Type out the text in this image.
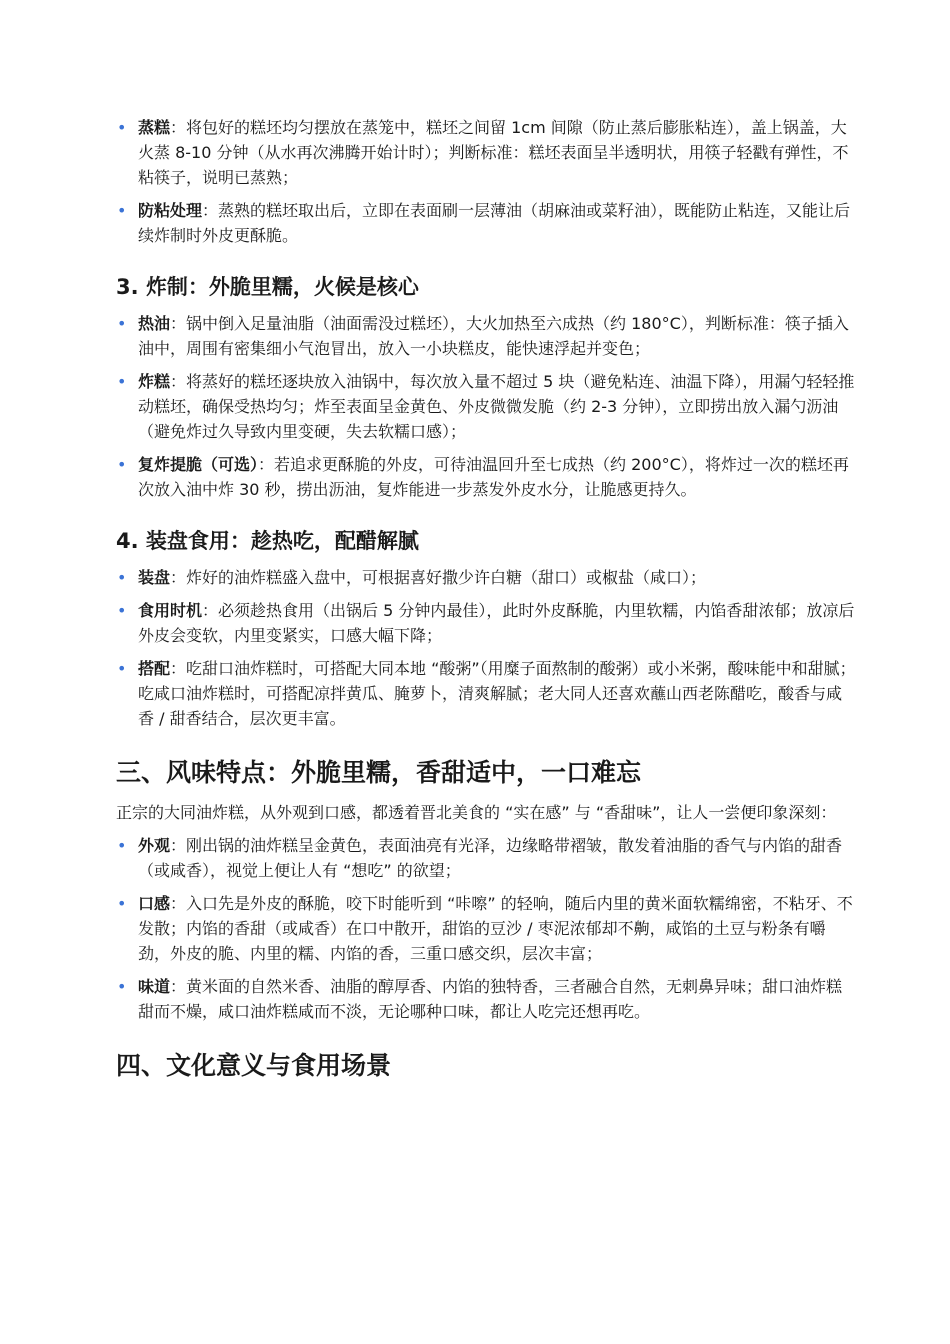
• 蒸糕：将包好的糕坯均匀摆放在蒸笼中，糕坯之间留 1cm 间隙（防止蒸后膨胀粘连），盖上锅盖，大火蒸 8-10 分钟（从水再次沸腾开始计时）；判断标准：糕坯表面呈半透明状，用筷子轻戳有弹性，不粘筷子，说明已蒸熟；
• 防粘处理：蒸熟的糕坯取出后，立即在表面刷一层薄油（胡麻油或菜籽油），既能防止粘连，又能让后续炸制时外皮更酥脆。
3. 炸制：外脆里糯，火候是核心
• 热油：锅中倒入足量油脂（油面需没过糕坯），大火加热至六成热（约 180°C），判断标准：筷子插入油中，周围有密集细小气泡冒出，放入一小块糕皮，能快速浮起并变色；
• 炸糕：将蒸好的糕坯逐块放入油锅中，每次放入量不超过 5 块（避免粘连、油温下降），用漏勺轻轻推动糕坯，确保受热均匀；炸至表面呈金黄色、外皮微微发脆（约 2-3 分钟），立即捞出放入漏勺沥油（避免炸过久导致内里变硬，失去软糯口感）；
• 复炸提脆（可选）：若追求更酥脆的外皮，可待油温回升至七成热（约 200°C），将炸过一次的糕坯再次放入油中炸 30 秒，捞出沥油，复炸能进一步蒸发外皮水分，让脆感更持久。
4. 装盘食用：趁热吃，配醋解腻
• 装盘：炸好的油炸糕盛入盘中，可根据喜好撒少许白糖（甜口）或椒盐（咸口）；
• 食用时机：必须趁热食用（出锅后 5 分钟内最佳），此时外皮酥脆，内里软糯，内馅香甜浓郁；放凉后外皮会变软，内里变紧实，口感大幅下降；
• 搭配：吃甜口油炸糕时，可搭配大同本地 “酸粥”（用糜子面熬制的酸粥）或小米粥，酸味能中和甜腻；吃咸口油炸糕时，可搭配凉拌黄瓜、腌萝卜，清爽解腻；老大同人还喜欢蘸山西老陈醋吃，酸香与咸香 / 甜香结合，层次更丰富。
三、风味特点：外脆里糯，香甜适中，一口难忘

正宗的大同油炸糕，从外观到口感，都透着晋北美食的 “实在感” 与 “香甜味”，让人一尝便印象深刻：

• 外观：刚出锅的油炸糕呈金黄色，表面油亮有光泽，边缘略带褶皱，散发着油脂的香气与内馅的甜香（或咸香），视觉上便让人有 “想吃” 的欲望；
• 口感：入口先是外皮的酥脆，咬下时能听到 “咔嚓” 的轻响，随后内里的黄米面软糯绵密，不粘牙、不发散；内馅的香甜（或咸香）在口中散开，甜馅的豆沙 / 枣泥浓郁却不齁，咸馅的土豆与粉条有嚼劲，外皮的脆、内里的糯、内馅的香，三重口感交织，层次丰富；
• 味道：黄米面的自然米香、油脂的醇厚香、内馅的独特香，三者融合自然，无刺鼻异味；甜口油炸糕甜而不燥，咸口油炸糕咸而不淡，无论哪种口味，都让人吃完还想再吃。
四、文化意义与食用场景
